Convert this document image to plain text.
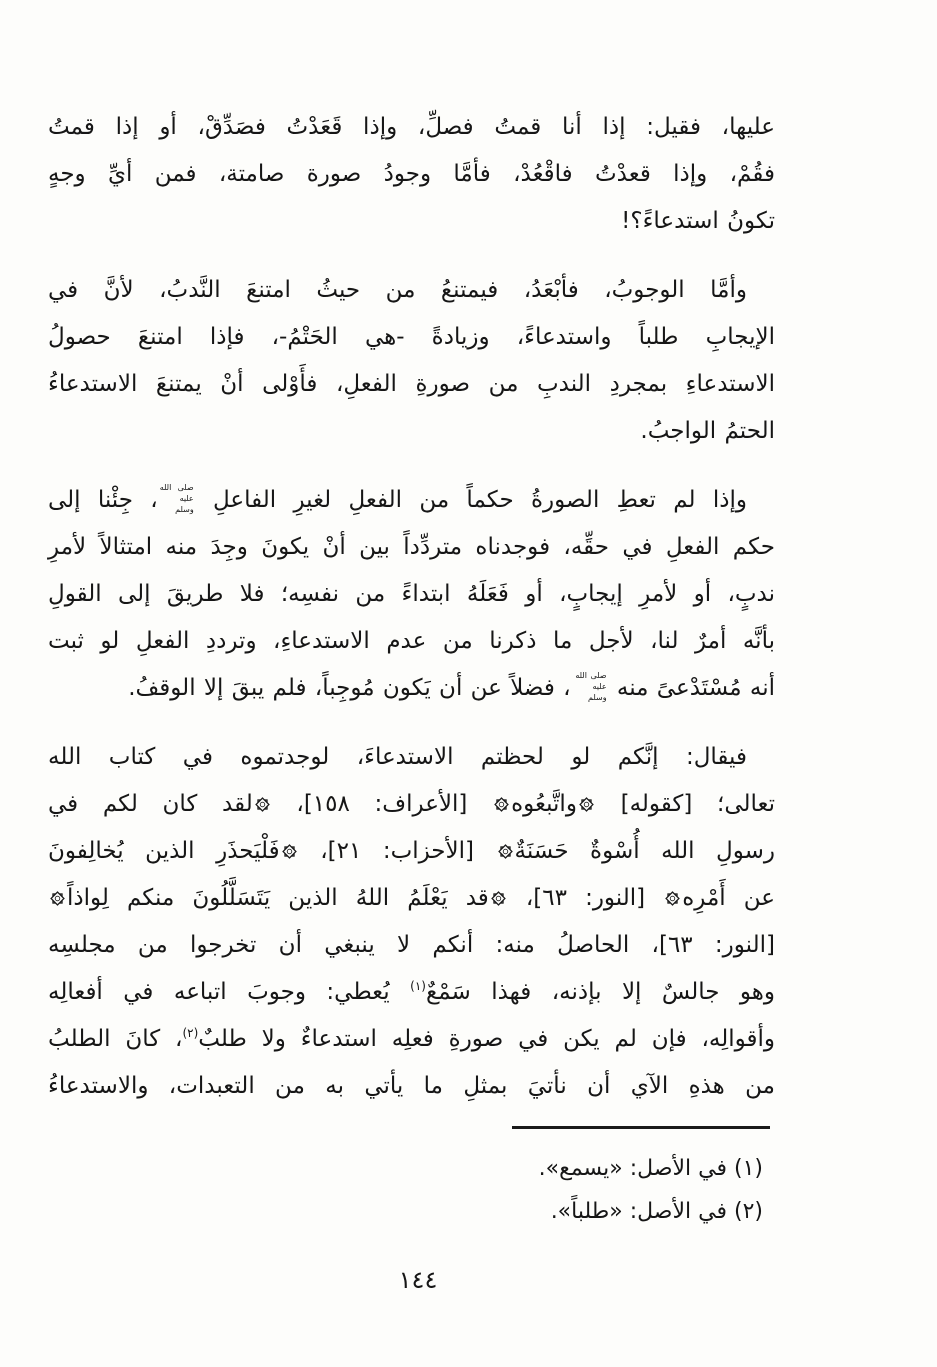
عليها، فقيل: إذا أنا قمتُ فصلِّ، وإذا قَعَدْتُ فصَدِّقْ، أو إذا قمتُ
فقُمْ، وإذا قعدْتُ فاقْعُدْ، فأمَّا وجودُ صورة صامتة، فمن أيِّ وجهٍ
تكونُ استدعاءً؟!
وأمَّا الوجوبُ، فأبْعَدُ، فيمتنعُ من حيثُ امتنعَ النَّدبُ، لأنَّ في
الإيجابِ طلباً واستدعاءً، وزيادةً -هي الحَتْمُ-، فإذا امتنعَ حصولُ
الاستدعاءِ بمجردِ الندبِ من صورةِ الفعلِ، فأَوْلى أنْ يمتنعَ الاستدعاءُ
الحتمُ الواجبُ.
وإذا لم تعطِ الصورةُ حكماً من الفعلِ لغيرِ الفاعلِ
صلى الله
عليه
وسلم
، جِئْنا إلى
حكم الفعلِ في حقِّه، فوجدناه متردِّداً بين أنْ يكونَ وجِدَ منه امتثالاً لأمرِ
ندبٍ، أو لأمرِ إيجابٍ، أو فَعَلَهُ ابتداءً من نفسِه؛ فلا طريقَ إلى القولِ
بأنَّه أمرٌ لنا، لأجل ما ذكرنا من عدم الاستدعاءِ، وترددِ الفعلِ لو ثبت
أنه مُسْتَدْعىً منه
صلى الله
عليه
وسلم
، فضلاً عن أن يَكون مُوجِباً، فلم يبقَ إلا الوقفُ.
فيقال: إنَّكم لو لحظتم الاستدعاءَ، لوجدتموه في كتاب الله
تعالى؛ [كقوله]
واتَّبعُوه
[الأعراف: ١٥٨]،
لقد كان لكم في
رسولِ الله أُسْوةٌ حَسَنَةٌ
[الأحزاب: ٢١]،
فَلْيَحذَرِ الذين يُخالِفونَ
عن أَمْرِه
[النور: ٦٣]،
قد يَعْلَمُ اللهُ الذين يَتَسَلَّلُونَ منكم لِواذاً
[النور: ٦٣]، الحاصلُ منه: أنكم لا ينبغي أن تخرجوا من مجلسِه
وهو جالسٌ إلا بإذنه، فهذا سَمْعٌ$^{(١)}$ يُعطي: وجوبَ اتباعه في أفعالِه
وأقوالِه، فإن لم يكن في صورةِ فعلِه استدعاءٌ ولا طلبٌ$^{(٢)}$، كانَ الطلبُ
من هذهِ الآي أن نأتيَ بمثلِ ما يأتي به من التعبدات، والاستدعاءُ
(١) في الأصل: «يسمع».
(٢) في الأصل: «طلباً».
١٤٤
